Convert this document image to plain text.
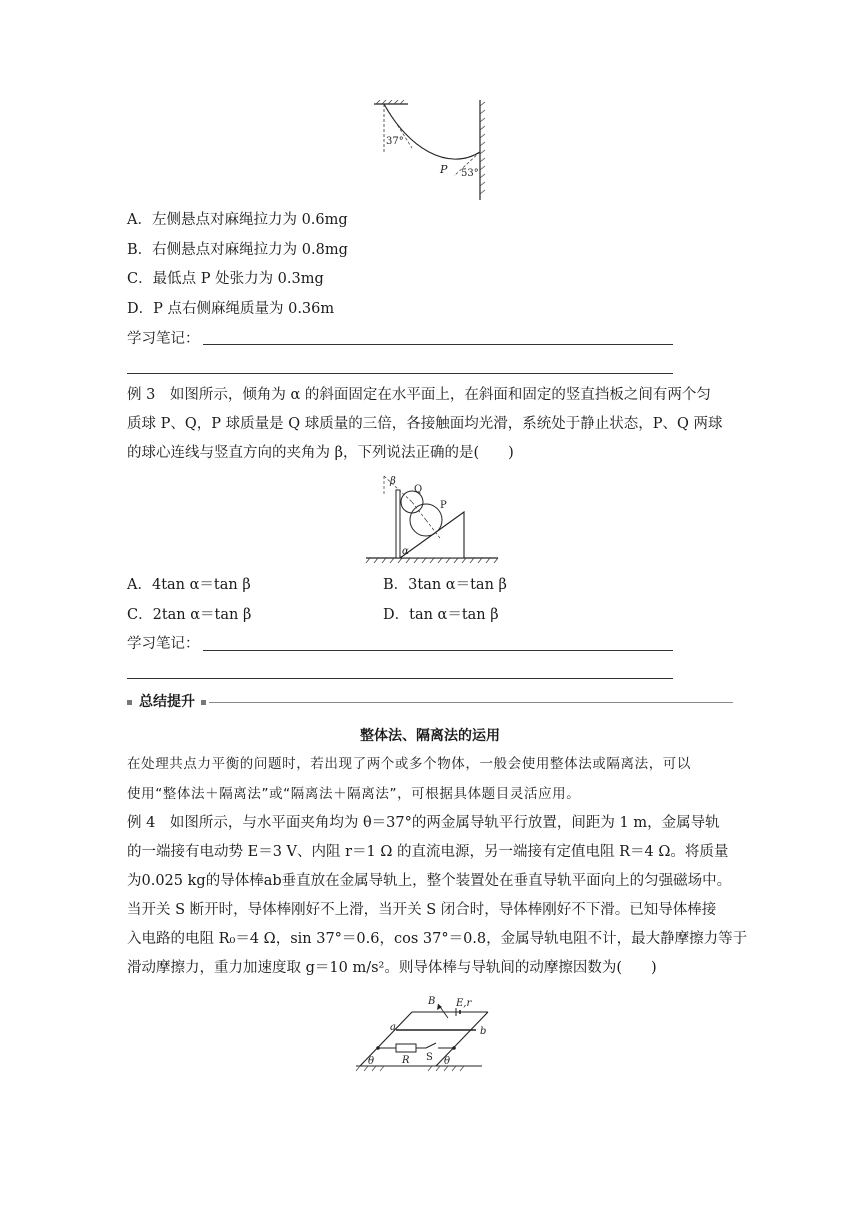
37°
P 53°
A．左侧悬点对麻绳拉力为 0.6mg
B．右侧悬点对麻绳拉力为 0.8mg
C．最低点 P 处张力为 0.3mg
D．P 点右侧麻绳质量为 0.36m
学习笔记：
例 3　如图所示，倾角为 α 的斜面固定在水平面上，在斜面和固定的竖直挡板之间有两个匀
质球 P、Q，P 球质量是 Q 球质量的三倍，各接触面均光滑，系统处于静止状态，P、Q 两球
的球心连线与竖直方向的夹角为 β，下列说法正确的是(　　)
β
Q
P
α
A．4tan α＝tan β	B．3tan α＝tan β
C．2tan α＝tan β	D．tan α＝tan β
学习笔记：
总结提升
整体法、隔离法的运用
在处理共点力平衡的问题时，若出现了两个或多个物体，一般会使用整体法或隔离法，可以
使用“整体法＋隔离法”或“隔离法＋隔离法”，可根据具体题目灵活应用。
例 4　如图所示，与水平面夹角均为 θ＝37°的两金属导轨平行放置，间距为 1 m，金属导轨
的一端接有电动势 E＝3 V、内阻 r＝1 Ω 的直流电源，另一端接有定值电阻 R＝4 Ω。将质量
为0.025 kg的导体棒ab垂直放在金属导轨上，整个装置处在垂直导轨平面向上的匀强磁场中。
当开关 S 断开时，导体棒刚好不上滑，当开关 S 闭合时，导体棒刚好不下滑。已知导体棒接
入电路的电阻 R₀＝4 Ω，sin 37°＝0.6，cos 37°＝0.8，金属导轨电阻不计，最大静摩擦力等于
滑动摩擦力，重力加速度取 g＝10 m/s²。则导体棒与导轨间的动摩擦因数为(　　)
B E,r
a	b
θ	R S θ
